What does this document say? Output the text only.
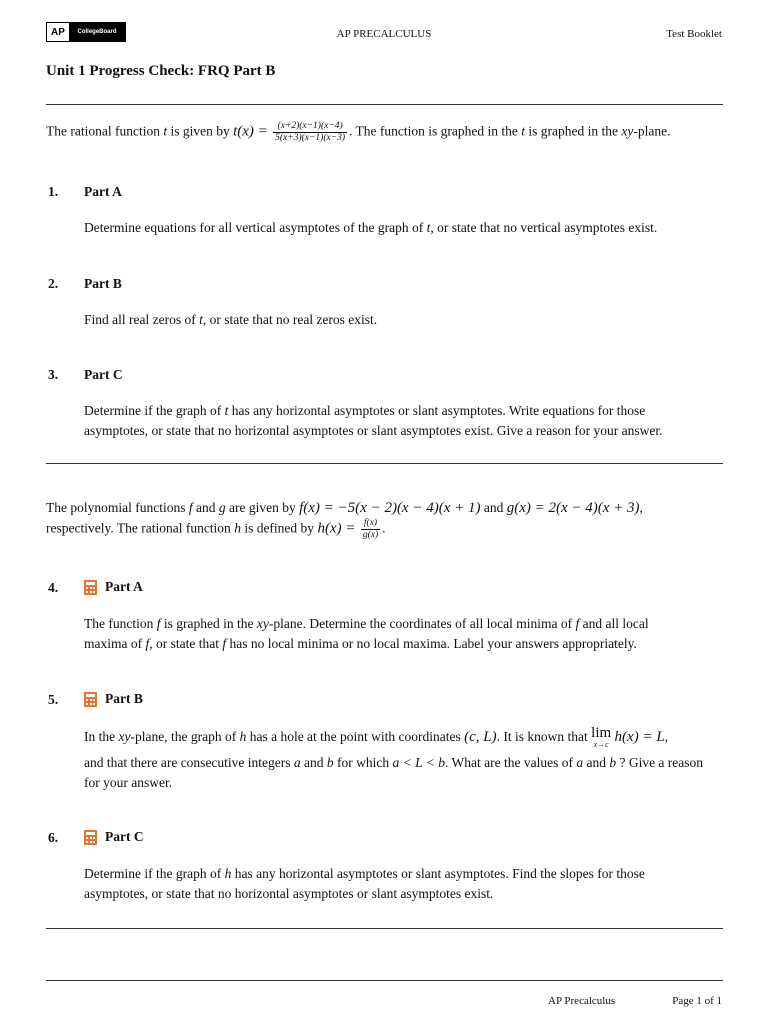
AP	CollegeBoard	AP PRECALCULUS	Test Booklet
Unit 1 Progress Check: FRQ Part B
The rational function t is given by $t(x) = \frac{(x+2)(x-1)(x-4)}{5(x+3)(x-1)(x-3)}$ . The function is graphed in the t is graphed in the xy-plane.
1. Part A
Determine equations for all vertical asymptotes of the graph of t, or state that no vertical asymptotes exist.
2. Part B
Find all real zeros of t, or state that no real zeros exist.
3. Part C
Determine if the graph of t has any horizontal asymptotes or slant asymptotes. Write equations for those asymptotes, or state that no horizontal asymptotes or slant asymptotes exist. Give a reason for your answer.
The polynomial functions f and g are given by f(x) = −5(x − 2)(x − 4)(x + 1) and g(x) = 2(x − 4)(x + 3),
respectively. The rational function h is defined by $h(x) = \frac{f(x)}{g(x)}$ .
4.	Part A
The function f is graphed in the xy-plane. Determine the coordinates of all local minima of f and all local maxima of f, or state that f has no local minima or no local maxima. Label your answers appropriately.
5.	Part B
In the xy-plane, the graph of h has a hole at the point with coordinates (c, L). It is known that lim
x→c h(x) = L,
and that there are consecutive integers a and b for which a < L < b. What are the values of a and b ? Give a reason for your answer.
6.	Part C
Determine if the graph of h has any horizontal asymptotes or slant asymptotes. Find the slopes for those asymptotes, or state that no horizontal asymptotes or slant asymptotes exist.
AP Precalculus	Page 1 of 1
